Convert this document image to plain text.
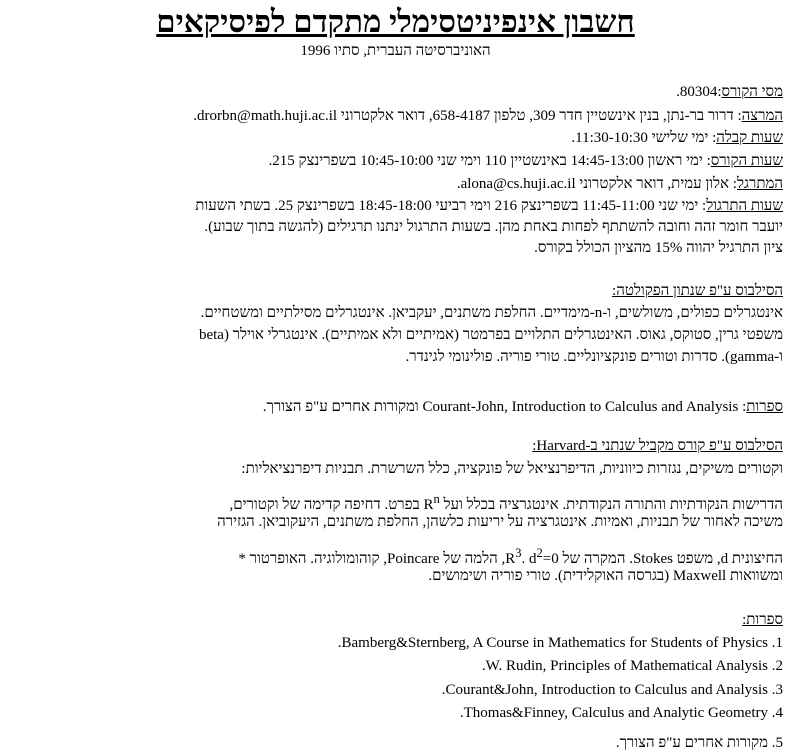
חשבון אינפיניטסימלי מתקדם לפיסיקאים
האוניברסיטה העברית, סתיו 1996
מסי הקורס:80304.
המרצה: דרור בר-נתן, בנין אינשטיין חדר 309, טלפון 658-4187, דואר אלקטרוני drorbn@math.huji.ac.il.
שעות קבלה: ימי שלישי 11:30-10:30.
שעות הקורס: ימי ראשון 14:45-13:00 באינשטיין 110 וימי שני 10:45-10:00 בשפרינצק 215.
המתרגל: אלון עמית, דואר אלקטרוני alona@cs.huji.ac.il.
שעות התרגול: ימי שני 11:45-11:00 בשפרינצק 216 וימי רביעי 18:45-18:00 בשפרינצק 25. בשתי השעות
יועבר חומר זהה וחובה להשתתף לפחות באחת מהן. בשעות התרגול ינתנו תרגילים (להגשה בתוך שבוע).
ציון התרגיל יהווה 15% מהציון הכולל בקורס.
הסילבוס ע"פ שנתון הפקולטה:
אינטגרלים כפולים, משולשים, ו-n-מימדיים. החלפת משתנים, יעקביאן. אינטגרלים מסילתיים ומשטחיים.
משפטי גרין, סטוקס, גאוס. האינטגרלים התלויים בפרמטר (אמיתיים ולא אמיתיים). אינטגרלי אוילר (beta
ו-gamma). סדרות וטורים פונקציונליים. טורי פוריה. פולינומי לגינדר.
ספרות: Courant-John, Introduction to Calculus and Analysis ומקורות אחרים ע"פ הצורך.
הסילבוס ע"פ קורס מקביל שנתני ב-Harvard:
וקטורים משיקים, נגזרות כיווניות, הדיפרנציאל של פונקציה, כלל השרשרת. תבניות דיפרנציאליות:
הדרישות הנקודתיות והתורה הנקודתית. אינטגרציה בכלל ועל $R^n$ בפרט. דחיפה קדימה של וקטורים,
משיכה לאחור של תבניות, ואמיות. אינטגרציה על יריעות כלשהן, החלפת משתנים, היעקוביאן. הגזירה
החיצונית d, משפט Stokes. המקרה של $R^3$. $d^2=0$, הלמה של Poincare, קוהומולוגיה. האופרטור *
ומשוואות Maxwell (בגרסה האוקלידית). טורי פוריה ושימושים.
ספרות:
1. Bamberg&Sternberg, A Course in Mathematics for Students of Physics.
2. W. Rudin, Principles of Mathematical Analysis.
3. Courant&John, Introduction to Calculus and Analysis.
4. Thomas&Finney, Calculus and Analytic Geometry.
5. מקורות אחרים ע"פ הצורך.
